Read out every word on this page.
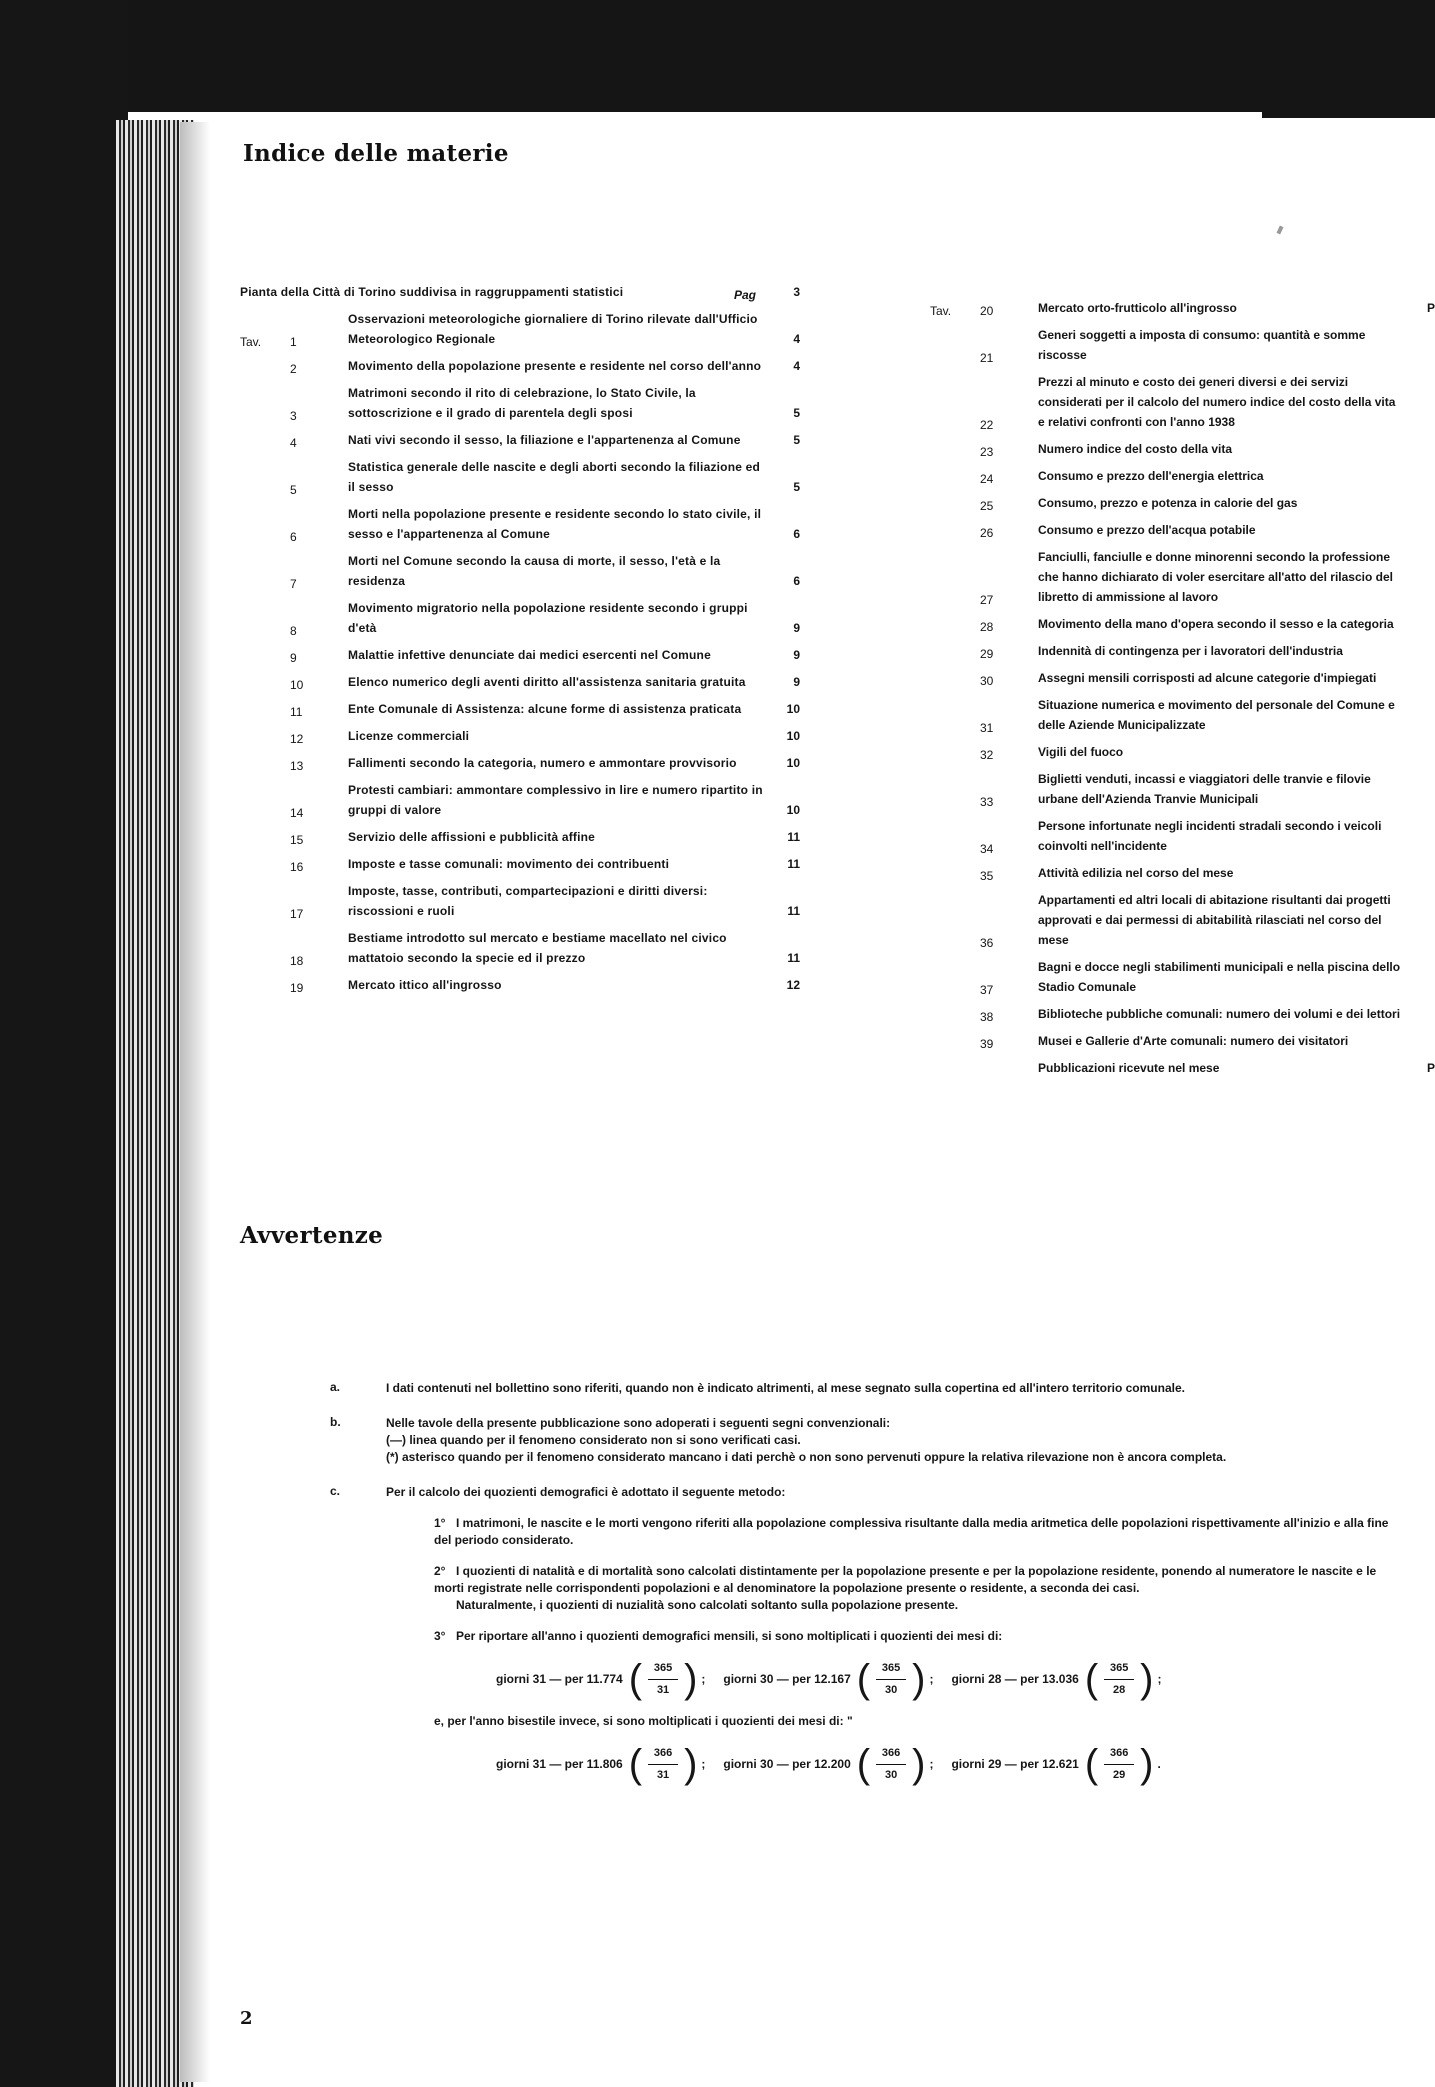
Indice delle materie
Pianta della Città di Torino suddivisa in raggruppamenti statistici	Pag	3
Tav.	1
Osservazioni meteorologiche giornaliere di Torino rilevate dall'Ufficio Meteorologico Regionale	4
2	Movimento della popolazione presente e residente nel corso dell'anno	4
3
Matrimoni secondo il rito di celebrazione, lo Stato Civile, la sottoscrizione e il grado di parentela degli sposi	5
4	Nati vivi secondo il sesso, la filiazione e l'appartenenza al Comune	5
5
Statistica generale delle nascite e degli aborti secondo la filiazione ed il sesso	5
6
Morti nella popolazione presente e residente secondo lo stato civile, il sesso e l'appartenenza al Comune	6
7
Morti nel Comune secondo la causa di morte, il sesso, l'età e la residenza	6
8
Movimento migratorio nella popolazione residente secondo i gruppi d'età	9
9	Malattie infettive denunciate dai medici esercenti nel Comune	9
10	Elenco numerico degli aventi diritto all'assistenza sanitaria gratuita	9
11	Ente Comunale di Assistenza: alcune forme di assistenza praticata	10
12	Licenze commerciali	10
13	Fallimenti secondo la categoria, numero e ammontare provvisorio	10
14
Protesti cambiari: ammontare complessivo in lire e numero ripartito in gruppi di valore	10
15	Servizio delle affissioni e pubblicità affine	11
16	Imposte e tasse comunali: movimento dei contribuenti	11
17
Imposte, tasse, contributi, compartecipazioni e diritti diversi: riscossioni e ruoli	11
18
Bestiame introdotto sul mercato e bestiame macellato nel civico mattatoio secondo la specie ed il prezzo	11
19	Mercato ittico all'ingrosso	12
Tav.	20	Mercato orto-frutticolo all'ingrosso	P
21
Generi soggetti a imposta di consumo: quantità e somme riscosse
22
Prezzi al minuto e costo dei generi diversi e dei servizi considerati per il calcolo del numero indice del costo della vita e relativi confronti con l'anno 1938
23	Numero indice del costo della vita
24	Consumo e prezzo dell'energia elettrica
25	Consumo, prezzo e potenza in calorie del gas
26	Consumo e prezzo dell'acqua potabile
27
Fanciulli, fanciulle e donne minorenni secondo la professione che hanno dichiarato di voler esercitare all'atto del rilascio del libretto di ammissione al lavoro
28	Movimento della mano d'opera secondo il sesso e la categoria
29	Indennità di contingenza per i lavoratori dell'industria
30	Assegni mensili corrisposti ad alcune categorie d'impiegati
31
Situazione numerica e movimento del personale del Comune e delle Aziende Municipalizzate
32	Vigili del fuoco
33
Biglietti venduti, incassi e viaggiatori delle tranvie e filovie urbane dell'Azienda Tranvie Municipali
34
Persone infortunate negli incidenti stradali secondo i veicoli coinvolti nell'incidente
35	Attività edilizia nel corso del mese
36
Appartamenti ed altri locali di abitazione risultanti dai progetti approvati e dai permessi di abitabilità rilasciati nel corso del mese
37
Bagni e docce negli stabilimenti municipali e nella piscina dello Stadio Comunale
38	Biblioteche pubbliche comunali: numero dei volumi e dei lettori
39	Musei e Gallerie d'Arte comunali: numero dei visitatori
Pubblicazioni ricevute nel mese	P
Avvertenze
a.	I dati contenuti nel bollettino sono riferiti, quando non è indicato altrimenti, al mese segnato sulla copertina ed all'intero territorio comunale.

b.	Nelle tavole della presente pubblicazione sono adoperati i seguenti segni convenzionali:

(—) linea quando per il fenomeno considerato non si sono verificati casi.

(*) asterisco quando per il fenomeno considerato mancano i dati perchè o non sono pervenuti oppure la relativa rilevazione non è ancora completa.

c.	Per il calcolo dei quozienti demografici è adottato il seguente metodo:

1° I matrimoni, le nascite e le morti vengono riferiti alla popolazione complessiva risultante dalla media aritmetica delle popolazioni rispettivamente all'inizio e alla fine del periodo considerato.
2° I quozienti di natalità e di mortalità sono calcolati distintamente per la popolazione presente e per la popolazione residente, ponendo al numeratore le nascite e le morti registrate nelle corrispondenti popolazioni e al denominatore la popolazione presente o residente, a seconda dei casi.
Naturalmente, i quozienti di nuzialità sono calcolati soltanto sulla popolazione presente.
3° Per riportare all'anno i quozienti demografici mensili, si sono moltiplicati i quozienti dei mesi di:
giorni 31 — per 11.774 ( $\frac{365}{31}$ ) ; giorni 30 — per 12.167 ( $\frac{365}{30}$ ) ; giorni 28 — per 13.036 ( $\frac{365}{28}$ ) ;
e, per l'anno bisestile invece, si sono moltiplicati i quozienti dei mesi di: "
giorni 31 — per 11.806 ( $\frac{366}{31}$ ) ; giorni 30 — per 12.200 ( $\frac{366}{30}$ ) ; giorni 29 — per 12.621 ( $\frac{366}{29}$ ) .
2
